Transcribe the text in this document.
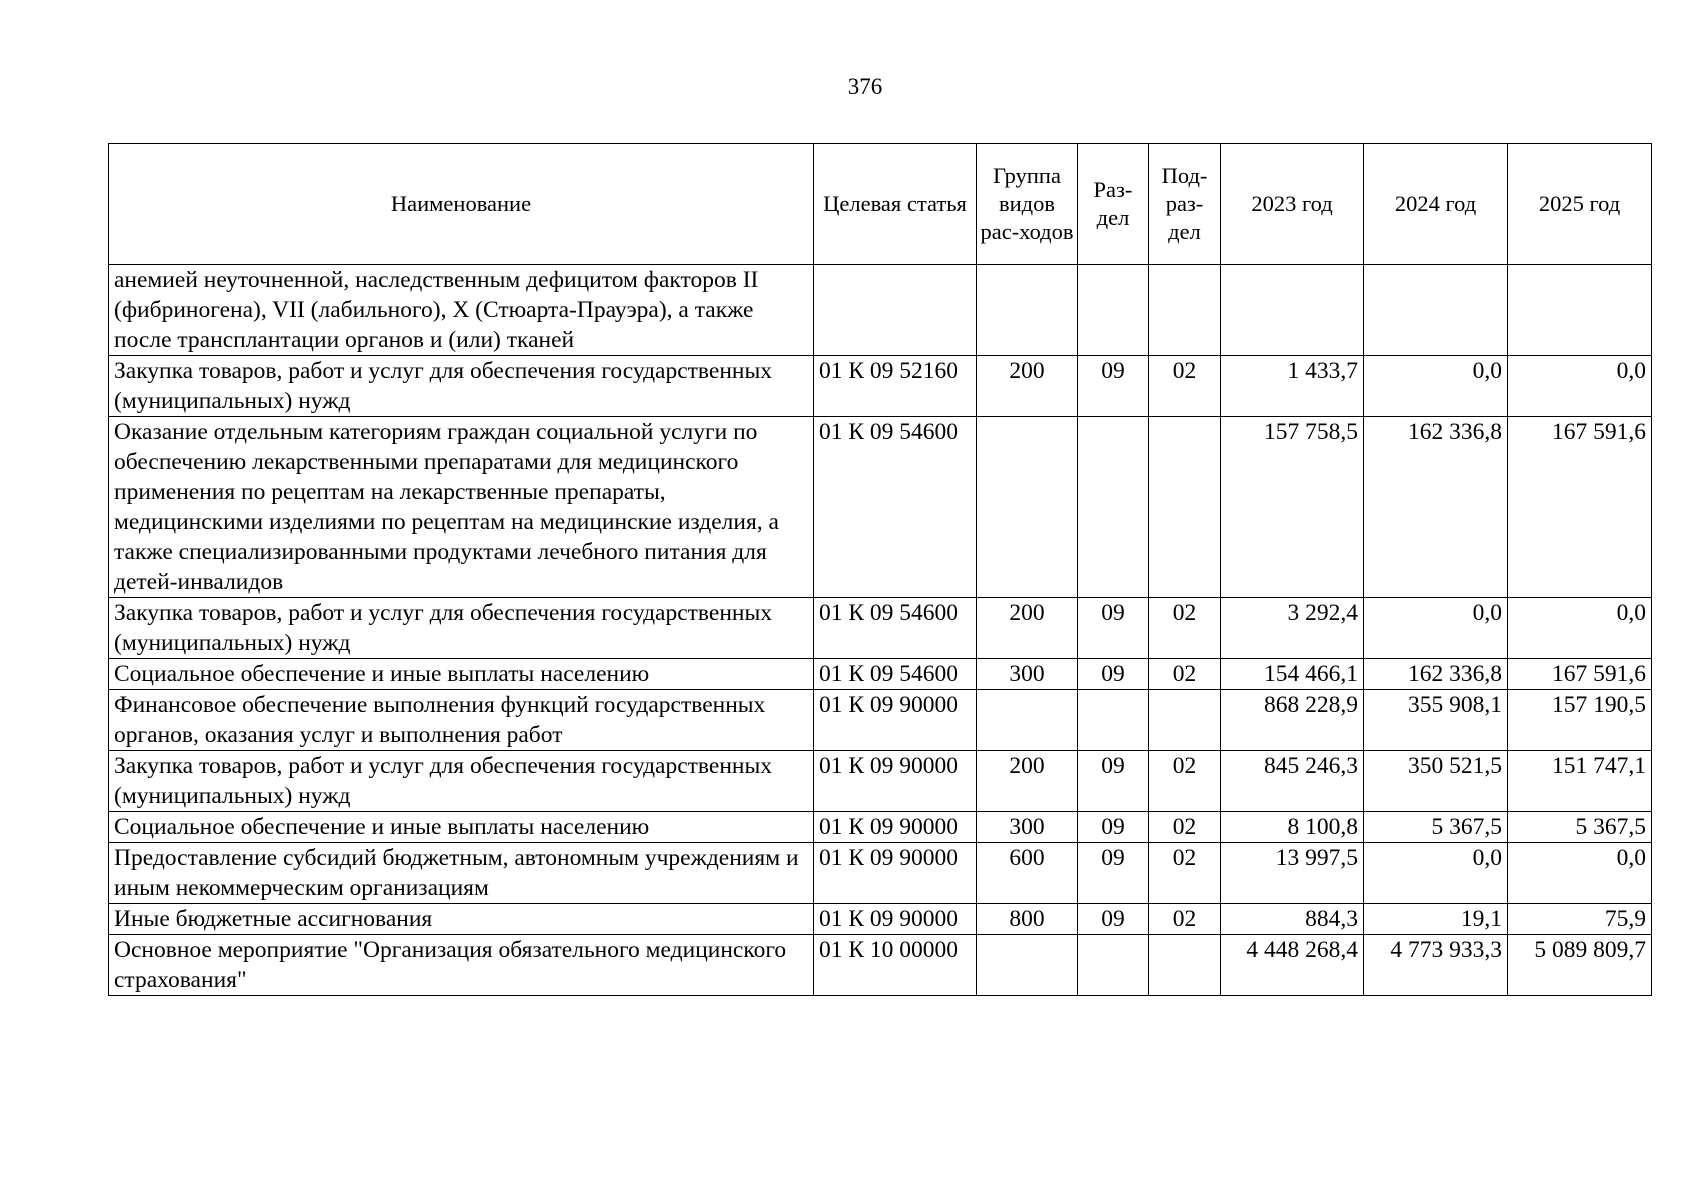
376
Наименование	Целевая статья	Группа видов рас-ходов	Раз-дел	Под-раз-дел	2023 год	2024 год	2025 год
анемией неуточненной, наследственным дефицитом факторов II (фибриногена), VII (лабильного), X (Стюарта-Прауэра), а также после трансплантации органов и (или) тканей							
Закупка товаров, работ и услуг для обеспечения государственных (муниципальных) нужд	01 К 09 52160	200	09	02	1 433,7	0,0	0,0
Оказание отдельным категориям граждан социальной услуги по обеспечению лекарственными препаратами для медицинского применения по рецептам на лекарственные препараты, медицинскими изделиями по рецептам на медицинские изделия, а также специализированными продуктами лечебного питания для детей-инвалидов	01 К 09 54600				157 758,5	162 336,8	167 591,6
Закупка товаров, работ и услуг для обеспечения государственных (муниципальных) нужд	01 К 09 54600	200	09	02	3 292,4	0,0	0,0
Социальное обеспечение и иные выплаты населению	01 К 09 54600	300	09	02	154 466,1	162 336,8	167 591,6
Финансовое обеспечение выполнения функций государственных органов, оказания услуг и выполнения работ	01 К 09 90000				868 228,9	355 908,1	157 190,5
Закупка товаров, работ и услуг для обеспечения государственных (муниципальных) нужд	01 К 09 90000	200	09	02	845 246,3	350 521,5	151 747,1
Социальное обеспечение и иные выплаты населению	01 К 09 90000	300	09	02	8 100,8	5 367,5	5 367,5
Предоставление субсидий бюджетным, автономным учреждениям и иным некоммерческим организациям	01 К 09 90000	600	09	02	13 997,5	0,0	0,0
Иные бюджетные ассигнования	01 К 09 90000	800	09	02	884,3	19,1	75,9
Основное мероприятие "Организация обязательного медицинского страхования"	01 К 10 00000				4 448 268,4	4 773 933,3	5 089 809,7
